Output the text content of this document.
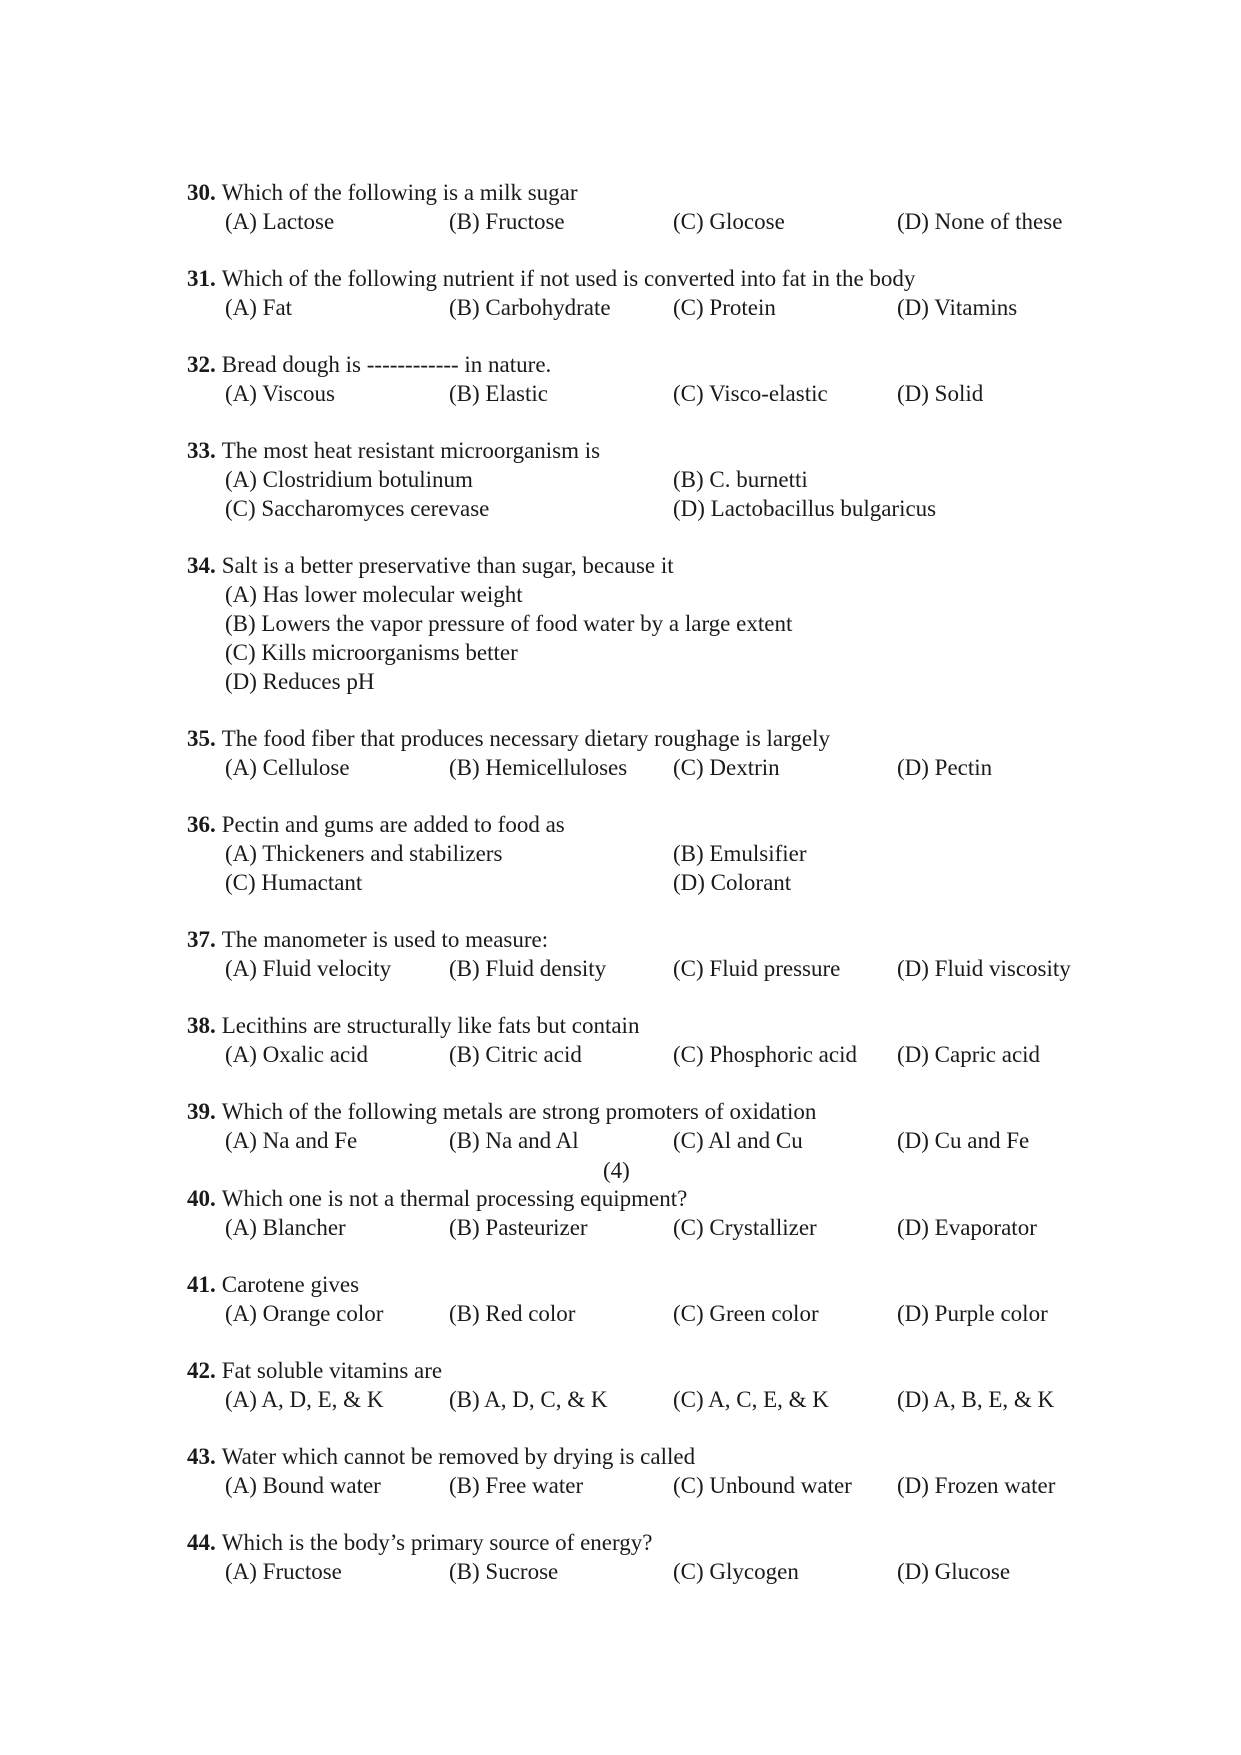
30. Which of the following is a milk sugar
(A) Lactose	(B) Fructose	(C) Glocose	(D) None of these
31. Which of the following nutrient if not used is converted into fat in the body
(A) Fat	(B) Carbohydrate	(C) Protein	(D) Vitamins
32. Bread dough is ------------ in nature.
(A) Viscous	(B) Elastic	(C) Visco-elastic	(D) Solid
33. The most heat resistant microorganism is
(A) Clostridium botulinum	(B) C. burnetti
(C) Saccharomyces cerevase	(D) Lactobacillus bulgaricus
34. Salt is a better preservative than sugar, because it
(A) Has lower molecular weight
(B) Lowers the vapor pressure of food water by a large extent
(C) Kills microorganisms better
(D) Reduces pH
35. The food fiber that produces necessary dietary roughage is largely
(A) Cellulose	(B) Hemicelluloses	(C) Dextrin	(D) Pectin
36. Pectin and gums are added to food as
(A) Thickeners and stabilizers	(B) Emulsifier
(C) Humactant	(D) Colorant
37. The manometer is used to measure:
(A) Fluid velocity	(B) Fluid density	(C) Fluid pressure	(D) Fluid viscosity
38. Lecithins are structurally like fats but contain
(A) Oxalic acid	(B) Citric acid	(C) Phosphoric acid	(D) Capric acid
39. Which of the following metals are strong promoters of oxidation
(A) Na and Fe	(B) Na and Al	(C) Al and Cu	(D) Cu and Fe
(4)
40. Which one is not a thermal processing equipment?
(A) Blancher	(B) Pasteurizer	(C) Crystallizer	(D) Evaporator
41. Carotene gives
(A) Orange color	(B) Red color	(C) Green color	(D) Purple color
42. Fat soluble vitamins are
(A) A, D, E, & K	(B) A, D, C, & K	(C) A, C, E, & K	(D) A, B, E, & K
43. Water which cannot be removed by drying is called
(A) Bound water	(B) Free water	(C) Unbound water	(D) Frozen water
44. Which is the body’s primary source of energy?
(A) Fructose	(B) Sucrose	(C) Glycogen	(D) Glucose
